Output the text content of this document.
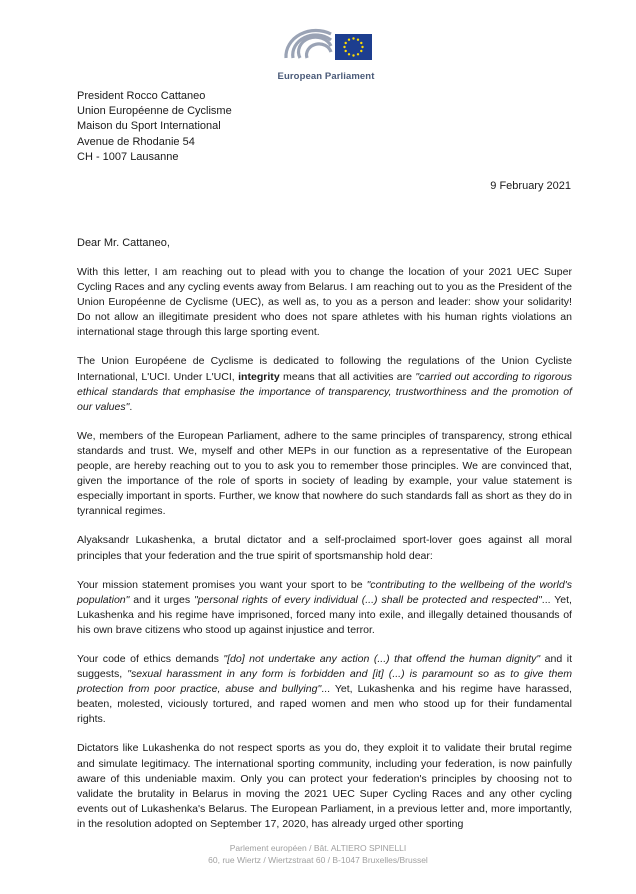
European Parliament
President Rocco Cattaneo
Union Européenne de Cyclisme
Maison du Sport International
Avenue de Rhodanie 54
CH - 1007 Lausanne
9 February 2021
Dear Mr. Cattaneo,

With this letter, I am reaching out to plead with you to change the location of your 2021 UEC Super Cycling Races and any cycling events away from Belarus. I am reaching out to you as the President of the Union Européenne de Cyclisme (UEC), as well as, to you as a person and leader: show your solidarity! Do not allow an illegitimate president who does not spare athletes with his human rights violations an international stage through this large sporting event.

The Union Européene de Cyclisme is dedicated to following the regulations of the Union Cycliste International, L'UCI. Under L'UCI, integrity means that all activities are "carried out according to rigorous ethical standards that emphasise the importance of transparency, trustworthiness and the promotion of our values".

We, members of the European Parliament, adhere to the same principles of transparency, strong ethical standards and trust. We, myself and other MEPs in our function as a representative of the European people, are hereby reaching out to you to ask you to remember those principles. We are convinced that, given the importance of the role of sports in society of leading by example, your value statement is especially important in sports. Further, we know that nowhere do such standards fall as short as they do in tyrannical regimes.

Alyaksandr Lukashenka, a brutal dictator and a self-proclaimed sport-lover goes against all moral principles that your federation and the true spirit of sportsmanship hold dear:

Your mission statement promises you want your sport to be "contributing to the wellbeing of the world's population" and it urges "personal rights of every individual (...) shall be protected and respected"... Yet, Lukashenka and his regime have imprisoned, forced many into exile, and illegally detained thousands of his own brave citizens who stood up against injustice and terror.

Your code of ethics demands "[do] not undertake any action (...) that offend the human dignity" and it suggests, "sexual harassment in any form is forbidden and [it] (...) is paramount so as to give them protection from poor practice, abuse and bullying"... Yet, Lukashenka and his regime have harassed, beaten, molested, viciously tortured, and raped women and men who stood up for their fundamental rights.

Dictators like Lukashenka do not respect sports as you do, they exploit it to validate their brutal regime and simulate legitimacy. The international sporting community, including your federation, is now painfully aware of this undeniable maxim. Only you can protect your federation's principles by choosing not to validate the brutality in Belarus in moving the 2021 UEC Super Cycling Races and any other cycling events out of Lukashenka's Belarus. The European Parliament, in a previous letter and, more importantly, in the resolution adopted on September 17, 2020, has already urged other sporting

Parlement européen / Bât. ALTIERO SPINELLI
60, rue Wiertz / Wiertzstraat 60 / B-1047 Bruxelles/Brussel
